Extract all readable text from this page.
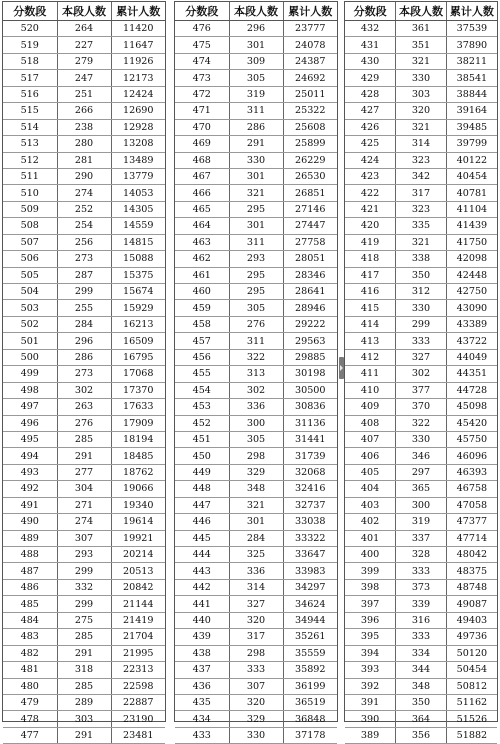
分数段	本段人数	累计人数
520	264	11420
519	227	11647
518	279	11926
517	247	12173
516	251	12424
515	266	12690
514	238	12928
513	280	13208
512	281	13489
511	290	13779
510	274	14053
509	252	14305
508	254	14559
507	256	14815
506	273	15088
505	287	15375
504	299	15674
503	255	15929
502	284	16213
501	296	16509
500	286	16795
499	273	17068
498	302	17370
497	263	17633
496	276	17909
495	285	18194
494	291	18485
493	277	18762
492	304	19066
491	271	19340
490	274	19614
489	307	19921
488	293	20214
487	299	20513
486	332	20842
485	299	21144
484	275	21419
483	285	21704
482	291	21995
481	318	22313
480	285	22598
479	289	22887
478	303	23190
477	291	23481
分数段	本段人数	累计人数
476	296	23777
475	301	24078
474	309	24387
473	305	24692
472	319	25011
471	311	25322
470	286	25608
469	291	25899
468	330	26229
467	301	26530
466	321	26851
465	295	27146
464	301	27447
463	311	27758
462	293	28051
461	295	28346
460	295	28641
459	305	28946
458	276	29222
457	311	29563
456	322	29885
455	313	30198
454	302	30500
453	336	30836
452	300	31136
451	305	31441
450	298	31739
449	329	32068
448	348	32416
447	321	32737
446	301	33038
445	284	33322
444	325	33647
443	336	33983
442	314	34297
441	327	34624
440	320	34944
439	317	35261
438	298	35559
437	333	35892
436	307	36199
435	320	36519
434	329	36848
433	330	37178
分数段	本段人数	累计人数
432	361	37539
431	351	37890
430	321	38211
429	330	38541
428	303	38844
427	320	39164
426	321	39485
425	314	39799
424	323	40122
423	342	40454
422	317	40781
421	323	41104
420	335	41439
419	321	41750
418	338	42098
417	350	42448
416	312	42750
415	330	43090
414	299	43389
413	333	43722
412	327	44049
411	302	44351
410	377	44728
409	370	45098
408	322	45420
407	330	45750
406	346	46096
405	297	46393
404	365	46758
403	300	47058
402	319	47377
401	337	47714
400	328	48042
399	333	48375
398	373	48748
397	339	49087
396	316	49403
395	333	49736
394	334	50120
393	344	50454
392	348	50812
391	350	51162
390	364	51526
389	356	51882
